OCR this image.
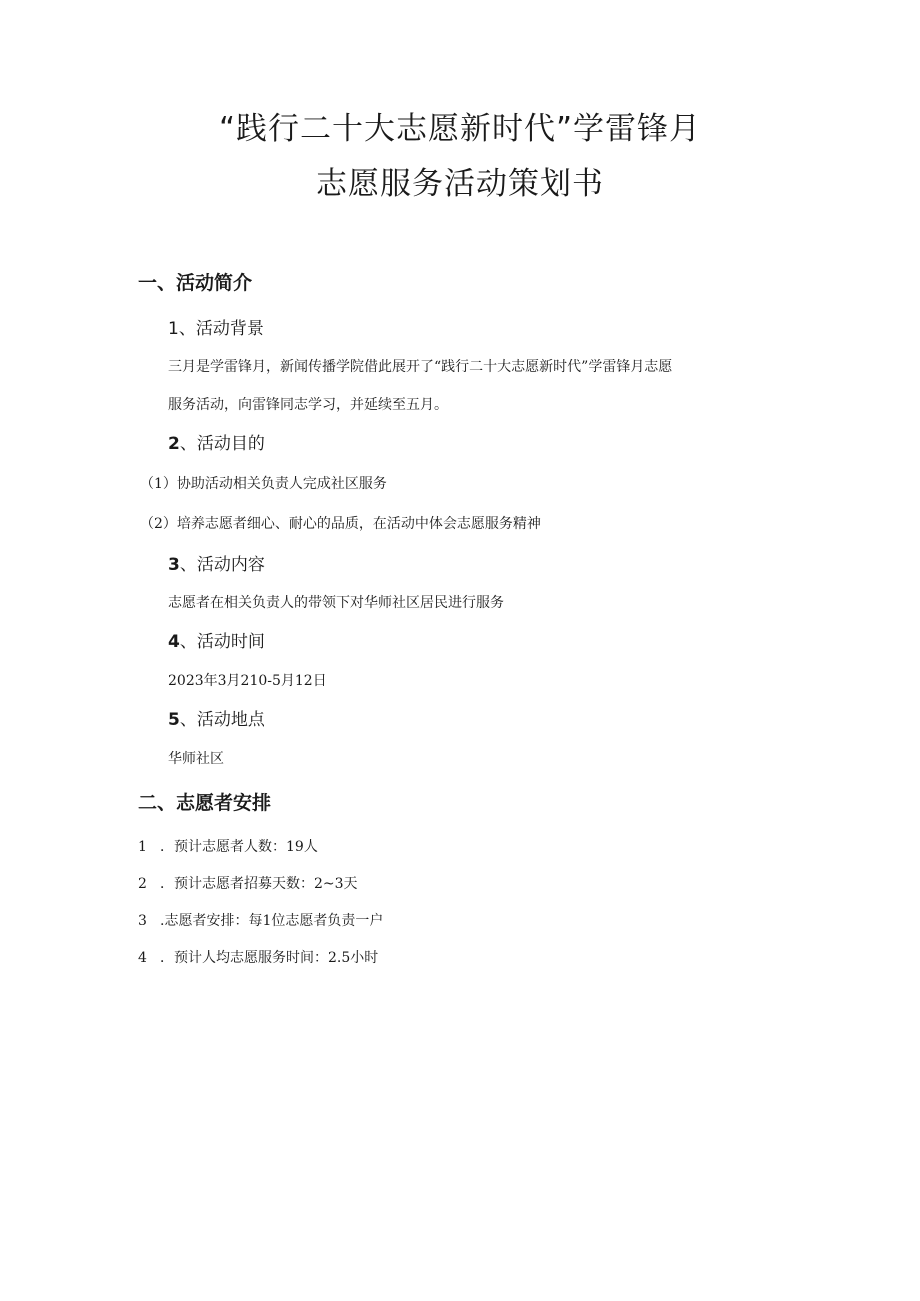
“践行二十大志愿新时代”学雷锋月
志愿服务活动策划书
一、活动简介
1、活动背景
三月是学雷锋月，新闻传播学院借此展开了“践行二十大志愿新时代”学雷锋月志愿
服务活动，向雷锋同志学习，并延续至五月。
2、活动目的
（1）协助活动相关负责人完成社区服务
（2）培养志愿者细心、耐心的品质，在活动中体会志愿服务精神
3、活动内容
志愿者在相关负责人的带领下对华师社区居民进行服务
4、活动时间
2023年3月210-5月12日
5、活动地点
华师社区
二、志愿者安排
1 ．预计志愿者人数：19人
2 ．预计志愿者招募天数：2~3天
3 .志愿者安排：每1位志愿者负责一户
4 ．预计人均志愿服务时间：2.5小时
